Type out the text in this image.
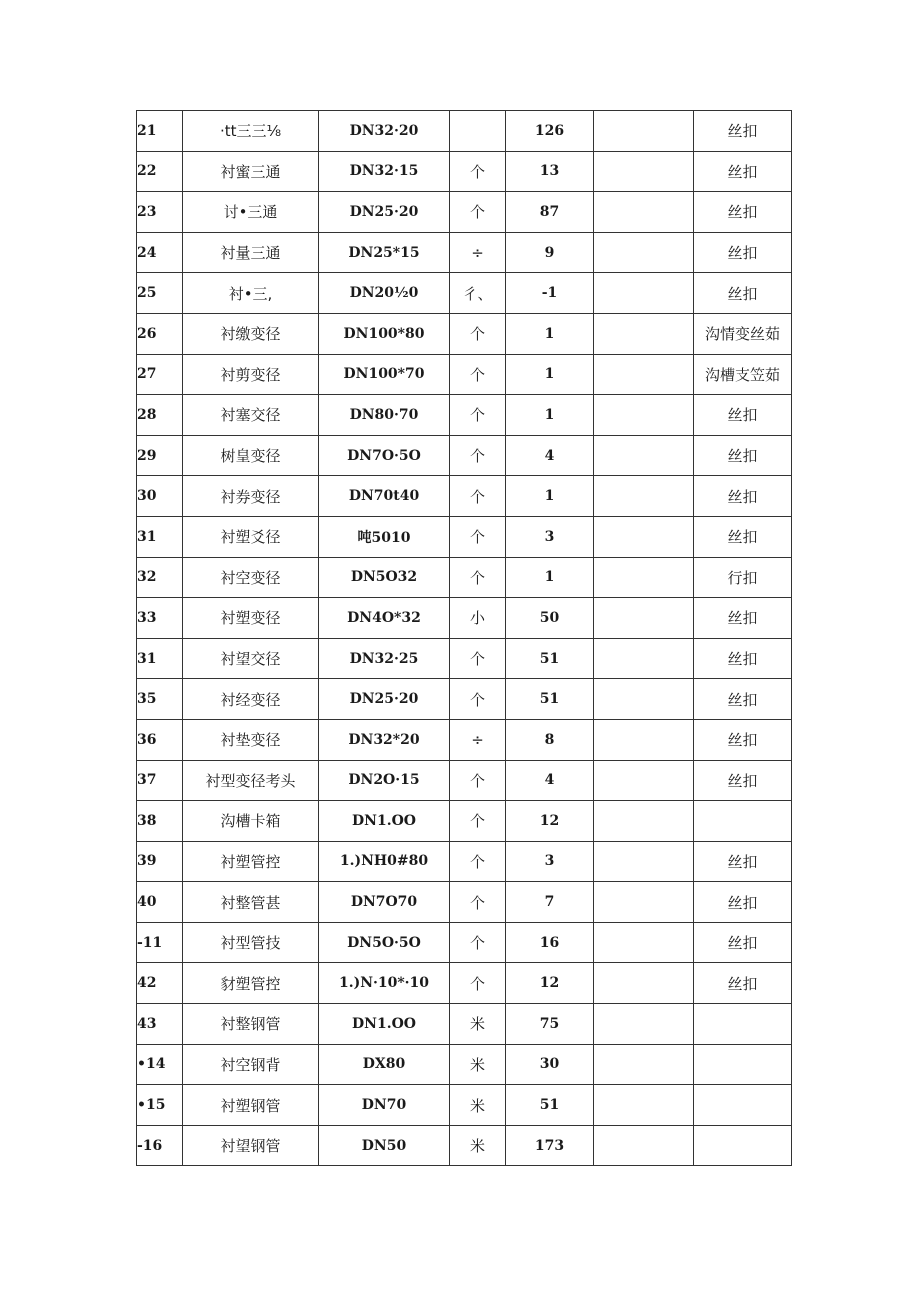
21	·tt三三⅛	DN32·20		126		丝扣
22	衬蜜三通	DN32·15	个	13		丝扣
23	讨•三通	DN25·20	个	87		丝扣
24	衬量三通	DN25*15	÷	9		丝扣
25	衬•三,	DN20½0	彳、	-1		丝扣
26	衬缴变径	DN100*80	个	1		沟情变丝茹
27	衬剪变径	DN100*70	个	1		沟槽支笠茹
28	衬塞交径	DN80·70	个	1		丝扣
29	树皇变径	DN7O·5O	个	4		丝扣
30	衬券变径	DN70t40	个	1		丝扣
31	衬塑爻径	吨5010	个	3		丝扣
32	衬空变径	DN5O32	个	1		行扣
33	衬塑变径	DN4O*32	小	50		丝扣
31	衬望交径	DN32·25	个	51		丝扣
35	衬经变径	DN25·20	个	51		丝扣
36	衬垫变径	DN32*20	÷	8		丝扣
37	衬型变径考头	DN2O·15	个	4		丝扣
38	沟槽卡箱	DN1.OO	个	12		
39	衬塑管控	1.)NH0#80	个	3		丝扣
40	衬整管甚	DN7O70	个	7		丝扣
-11	衬型管技	DN5O·5O	个	16		丝扣
42	豺塑管控	1.)N·10*·10	个	12		丝扣
43	衬整钢管	DN1.OO	米	75		
•14	衬空钢背	DX80	米	30		
•15	衬塑钢管	DN70	米	51		
-16	衬望钢管	DN50	米	173		
